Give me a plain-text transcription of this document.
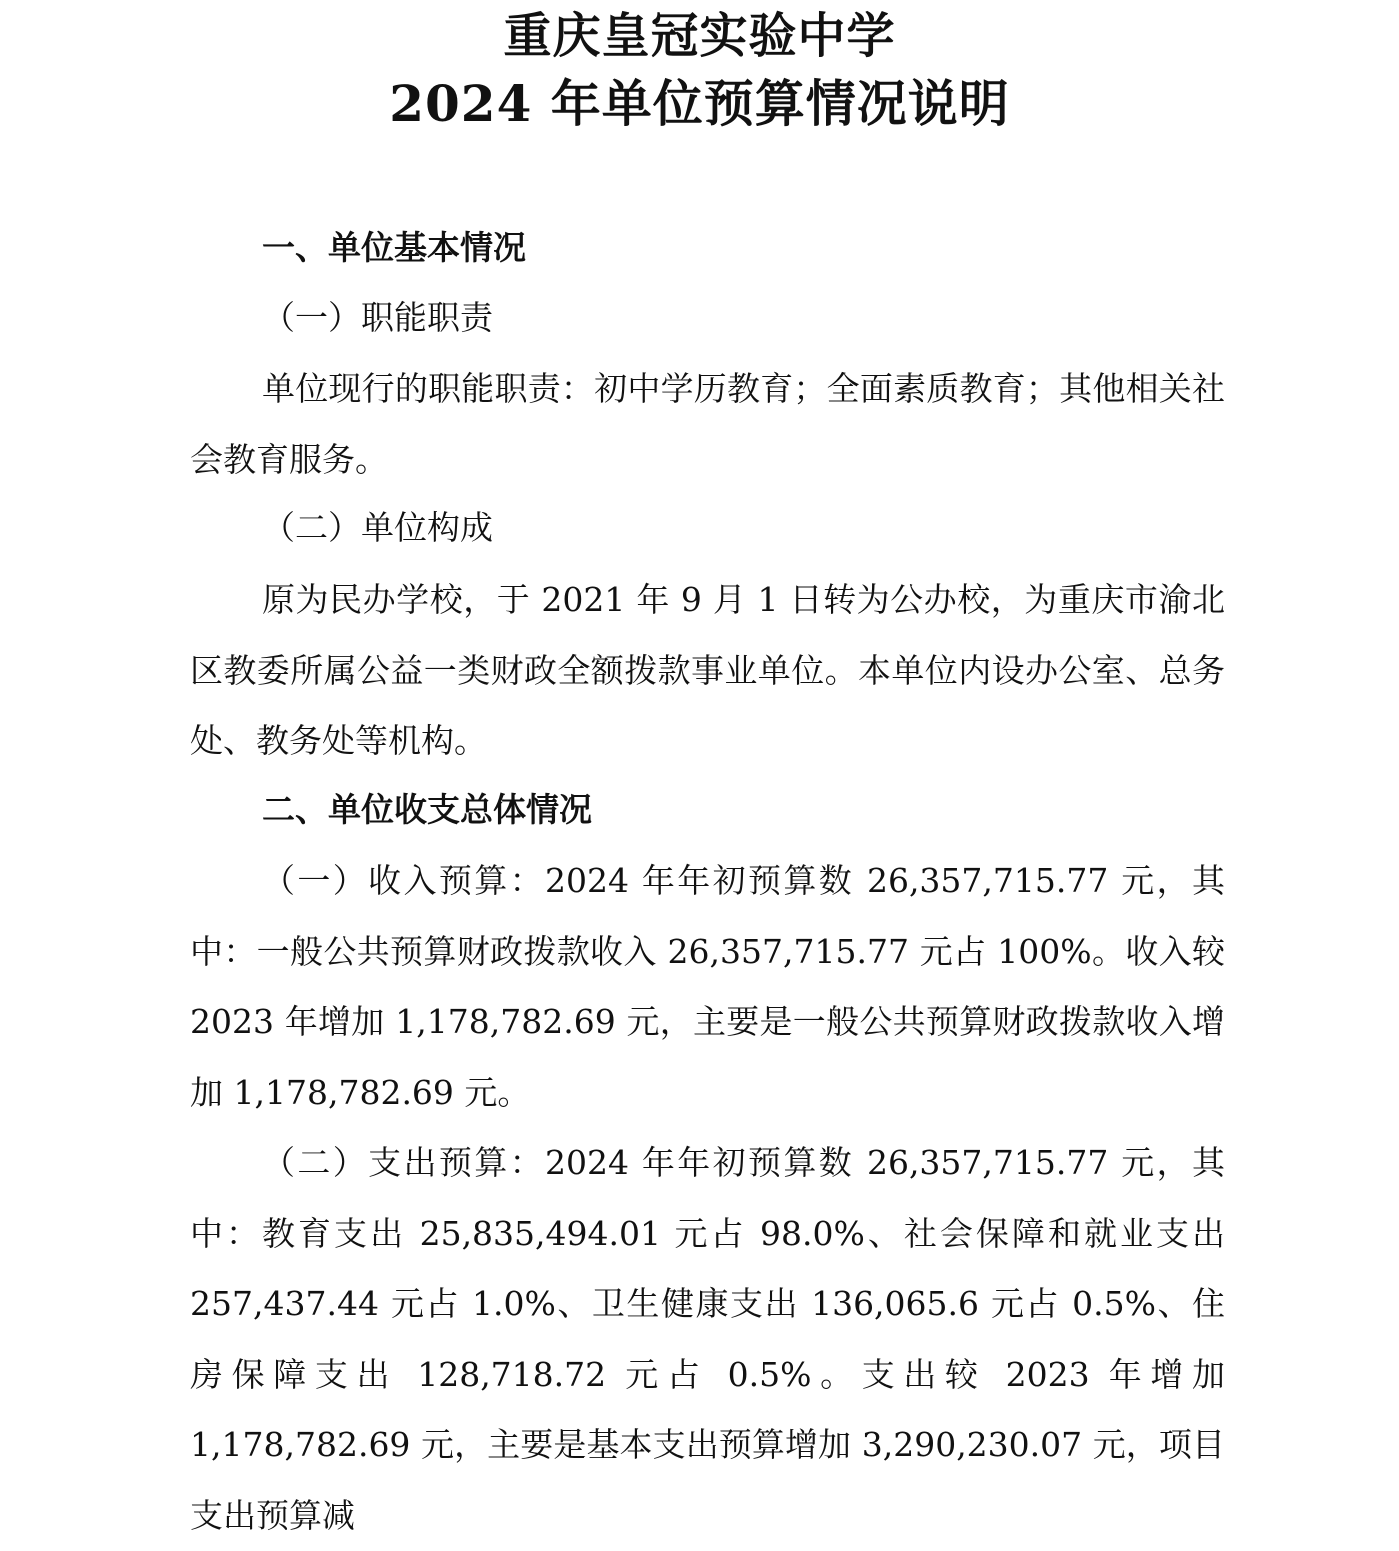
重庆皇冠实验中学
2024 年单位预算情况说明
一、单位基本情况
（一）职能职责
单位现行的职能职责：初中学历教育；全面素质教育；其他相关社会教育服务。
（二）单位构成
原为民办学校，于 2021 年 9 月 1 日转为公办校，为重庆市渝北区教委所属公益一类财政全额拨款事业单位。本单位内设办公室、总务处、教务处等机构。
二、单位收支总体情况
（一）收入预算：2024 年年初预算数 26,357,715.77 元，其中：一般公共预算财政拨款收入 26,357,715.77 元占 100%。收入较 2023 年增加 1,178,782.69 元，主要是一般公共预算财政拨款收入增加 1,178,782.69 元。
（二）支出预算：2024 年年初预算数 26,357,715.77 元，其中：教育支出 25,835,494.01 元占 98.0%、社会保障和就业支出 257,437.44 元占 1.0%、卫生健康支出 136,065.6 元占 0.5%、住房保障支出 128,718.72 元占 0.5%。支出较 2023 年增加 1,178,782.69 元，主要是基本支出预算增加 3,290,230.07 元，项目支出预算减
